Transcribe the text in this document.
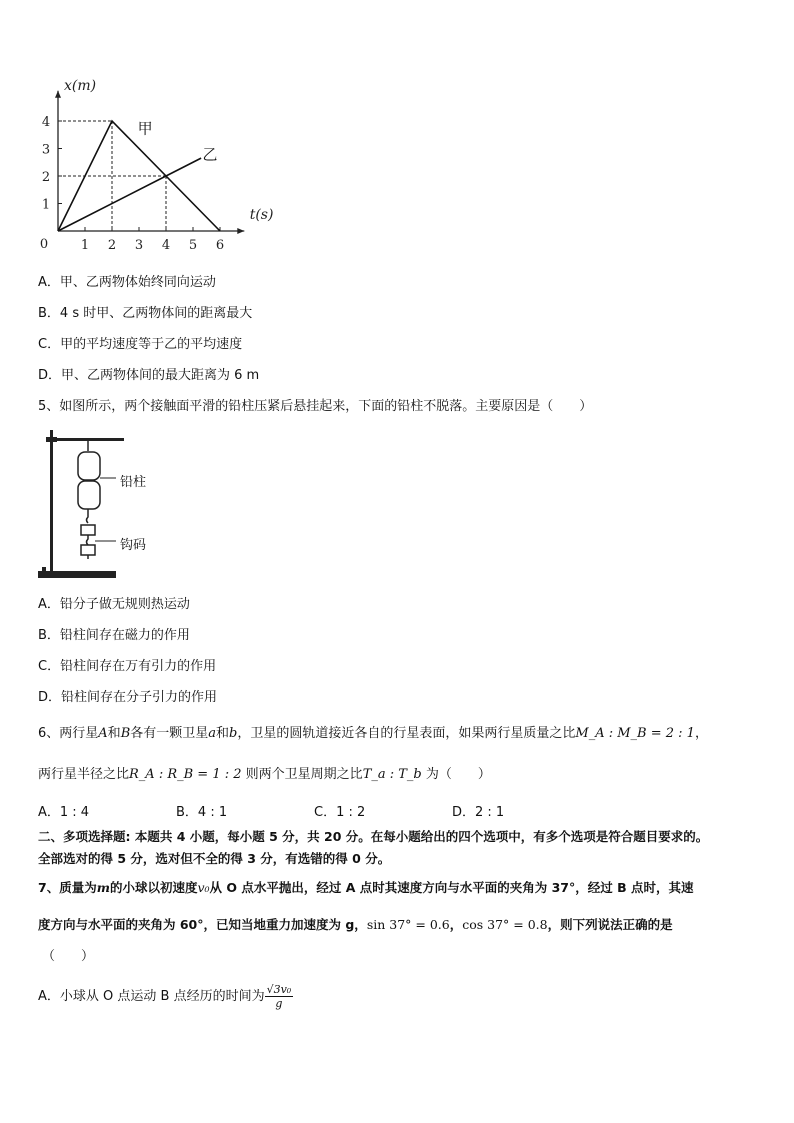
1 2 3 4 5 6
1
2
3
4
0
x(m)
t(s)
甲
乙
A．甲、乙两物体始终同向运动
B．4 s 时甲、乙两物体间的距离最大
C．甲的平均速度等于乙的平均速度
D．甲、乙两物体间的最大距离为 6 m
5、如图所示，两个接触面平滑的铅柱压紧后悬挂起来，下面的铅柱不脱落。主要原因是（　　）
铅柱
钩码
A．铅分子做无规则热运动
B．铅柱间存在磁力的作用
C．铅柱间存在万有引力的作用
D．铅柱间存在分子引力的作用
6、两行星A和B各有一颗卫星a和b，卫星的圆轨道接近各自的行星表面，如果两行星质量之比M_A : M_B = 2 : 1，
两行星半径之比R_A : R_B = 1 : 2 则两个卫星周期之比T_a : T_b 为（　　）
A．1 : 4	B．4 : 1	C．1 : 2	D．2 : 1
二、多项选择题: 本题共 4 小题，每小题 5 分，共 20 分。在每小题给出的四个选项中，有多个选项是符合题目要求的。
全部选对的得 5 分，选对但不全的得 3 分，有选错的得 0 分。
7、质量为m的小球以初速度v₀从 O 点水平抛出，经过 A 点时其速度方向与水平面的夹角为 37°，经过 B 点时，其速
度方向与水平面的夹角为 60°，已知当地重力加速度为 g，sin 37° = 0.6，cos 37° = 0.8，则下列说法正确的是
（　　）
A．小球从 O 点运动 B 点经历的时间为 $\frac{\text{√3v₀}}{g}$
